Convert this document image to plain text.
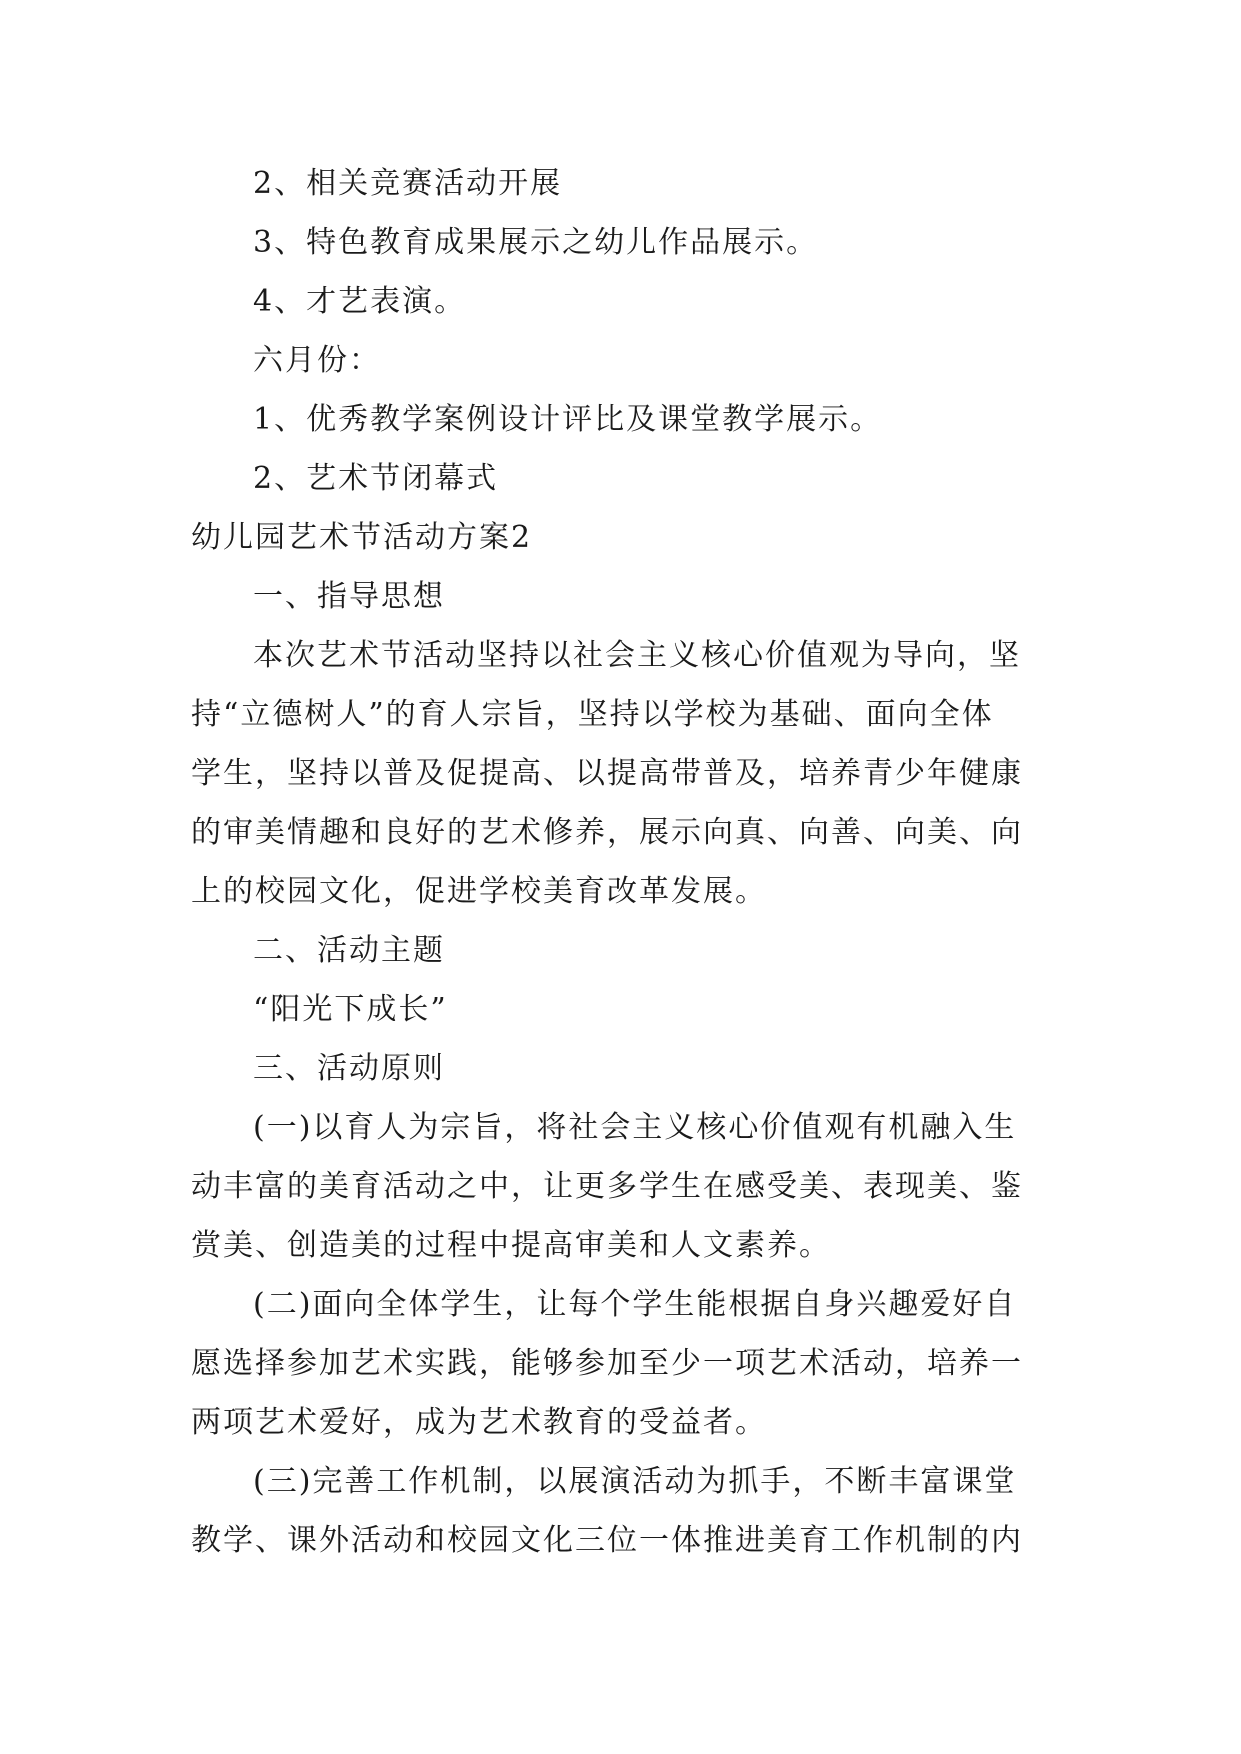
2、相关竞赛活动开展
3、特色教育成果展示之幼儿作品展示。
4、才艺表演。
六月份：
1、优秀教学案例设计评比及课堂教学展示。
2、艺术节闭幕式
幼儿园艺术节活动方案2
一、指导思想
本次艺术节活动坚持以社会主义核心价值观为导向，坚
持“立德树人”的育人宗旨，坚持以学校为基础、面向全体
学生，坚持以普及促提高、以提高带普及，培养青少年健康
的审美情趣和良好的艺术修养，展示向真、向善、向美、向
上的校园文化，促进学校美育改革发展。
二、活动主题
“阳光下成长”
三、活动原则
(一)以育人为宗旨，将社会主义核心价值观有机融入生
动丰富的美育活动之中，让更多学生在感受美、表现美、鉴
赏美、创造美的过程中提高审美和人文素养。
(二)面向全体学生，让每个学生能根据自身兴趣爱好自
愿选择参加艺术实践，能够参加至少一项艺术活动，培养一
两项艺术爱好，成为艺术教育的受益者。
(三)完善工作机制，以展演活动为抓手，不断丰富课堂
教学、课外活动和校园文化三位一体推进美育工作机制的内
